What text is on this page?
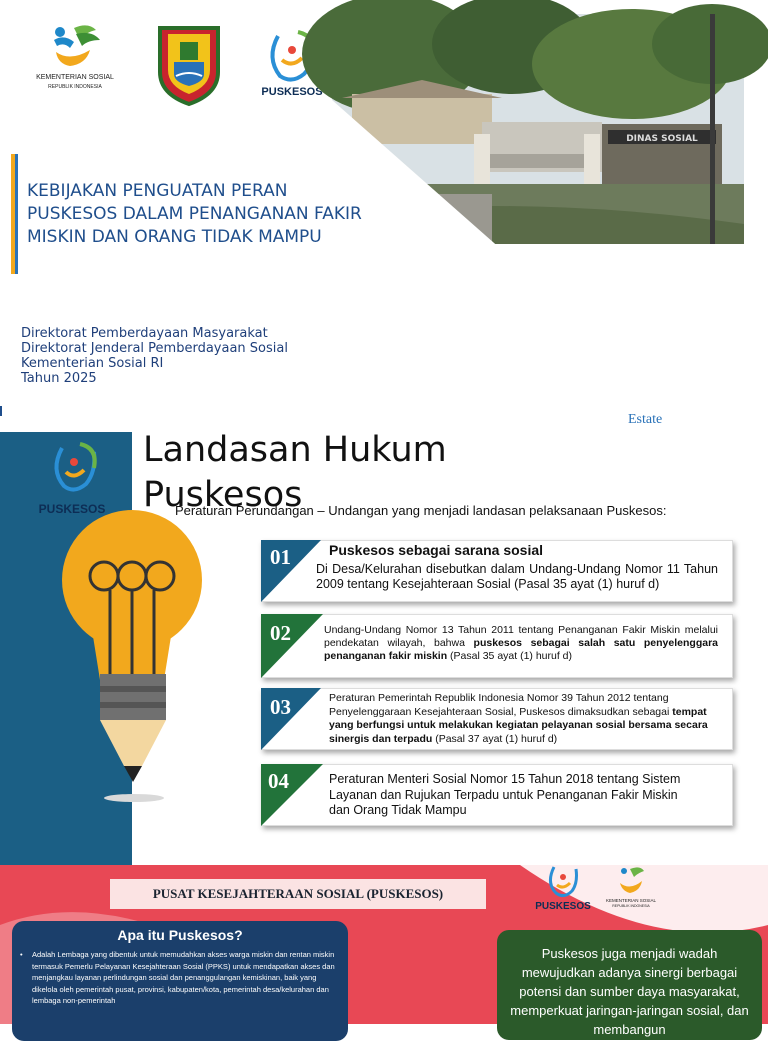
KEMENTERIAN SOSIAL
REPUBLIK INDONESIA	PUSKESOS
DINAS SOSIAL
KEBIJAKAN PENGUATAN PERAN
PUSKESOS DALAM PENANGANAN FAKIR
MISKIN DAN ORANG TIDAK MAMPU
Direktorat Pemberdayaan Masyarakat
Direktorat Jenderal Pemberdayaan Sosial
Kementerian Sosial RI
Tahun 2025
Estate
PUSKESOS
Landasan Hukum
Puskesos
Peraturan Perundangan – Undangan yang menjadi landasan pelaksanaan Puskesos:
01	Puskesos sebagai sarana sosial
Di Desa/Kelurahan disebutkan dalam Undang-Undang Nomor 11 Tahun 2009 tentang Kesejahteraan Sosial (Pasal 35 ayat (1) huruf d)
02	Undang-Undang Nomor 13 Tahun 2011 tentang Penanganan Fakir Miskin melalui pendekatan wilayah, bahwa puskesos sebagai salah satu penyelenggara penanganan fakir miskin (Pasal 35 ayat (1) huruf d)
03	Peraturan Pemerintah Republik Indonesia Nomor 39 Tahun 2012 tentang Penyelenggaraan Kesejahteraan Sosial, Puskesos dimaksudkan sebagai tempat yang berfungsi untuk melakukan kegiatan pelayanan sosial bersama secara sinergis dan terpadu (Pasal 37 ayat (1) huruf d)
04	Peraturan Menteri Sosial Nomor 15 Tahun 2018 tentang Sistem Layanan dan Rujukan Terpadu untuk Penanganan Fakir Miskin dan Orang Tidak Mampu
PUSAT KESEJAHTERAAN SOSIAL (PUSKESOS)
PUSKESOS
KEMENTERIAN SOSIAL
REPUBLIK INDONESIA
Apa itu Puskesos?
• Adalah Lembaga yang dibentuk untuk memudahkan akses warga miskin dan rentan miskin termasuk Pemerlu Pelayanan Kesejahteraan Sosial (PPKS) untuk mendapatkan akses dan menjangkau layanan perlindungan sosial dan penanggulangan kemiskinan, baik yang dikelola oleh pemerintah pusat, provinsi, kabupaten/kota, pemerintah desa/kelurahan dan lembaga non-pemerintah
Puskesos juga menjadi wadah mewujudkan adanya sinergi berbagai potensi dan sumber daya masyarakat, memperkuat jaringan-jaringan sosial, dan membangun
